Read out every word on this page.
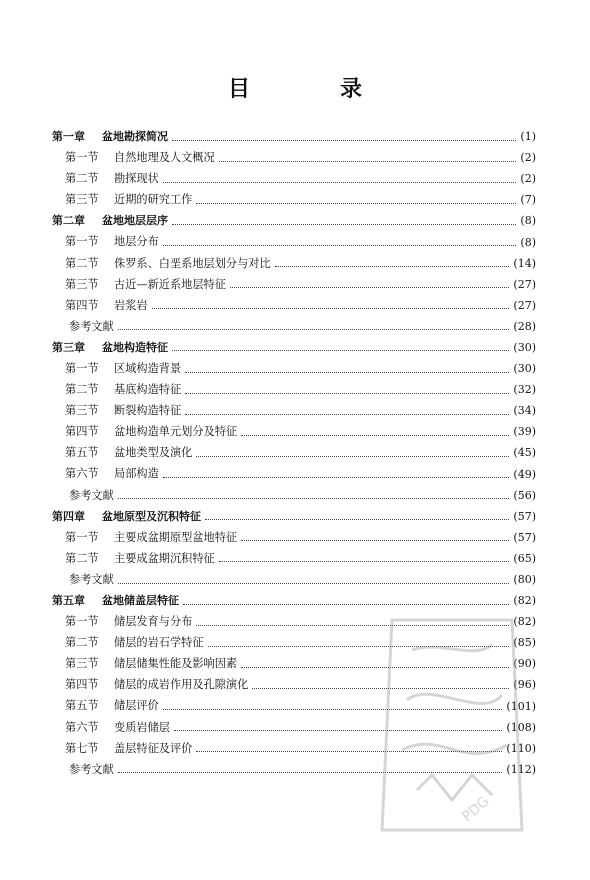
目　录
第一章	盆地勘探简况	(1)
第一节	自然地理及人文概况	(2)
第二节	勘探现状	(2)
第三节	近期的研究工作	(7)
第二章	盆地地层层序	(8)
第一节	地层分布	(8)
第二节	侏罗系、白垩系地层划分与对比	(14)
第三节	古近—新近系地层特征	(27)
第四节	岩浆岩	(27)
参考文献	(28)
第三章	盆地构造特征	(30)
第一节	区域构造背景	(30)
第二节	基底构造特征	(32)
第三节	断裂构造特征	(34)
第四节	盆地构造单元划分及特征	(39)
第五节	盆地类型及演化	(45)
第六节	局部构造	(49)
参考文献	(56)
第四章	盆地原型及沉积特征	(57)
第一节	主要成盆期原型盆地特征	(57)
第二节	主要成盆期沉积特征	(65)
参考文献	(80)
第五章	盆地储盖层特征	(82)
第一节	储层发育与分布	(82)
第二节	储层的岩石学特征	(85)
第三节	储层储集性能及影响因素	(90)
第四节	储层的成岩作用及孔隙演化	(96)
第五节	储层评价	(101)
第六节	变质岩储层	(108)
第七节	盖层特征及评价	(110)
参考文献	(112)
PDG
